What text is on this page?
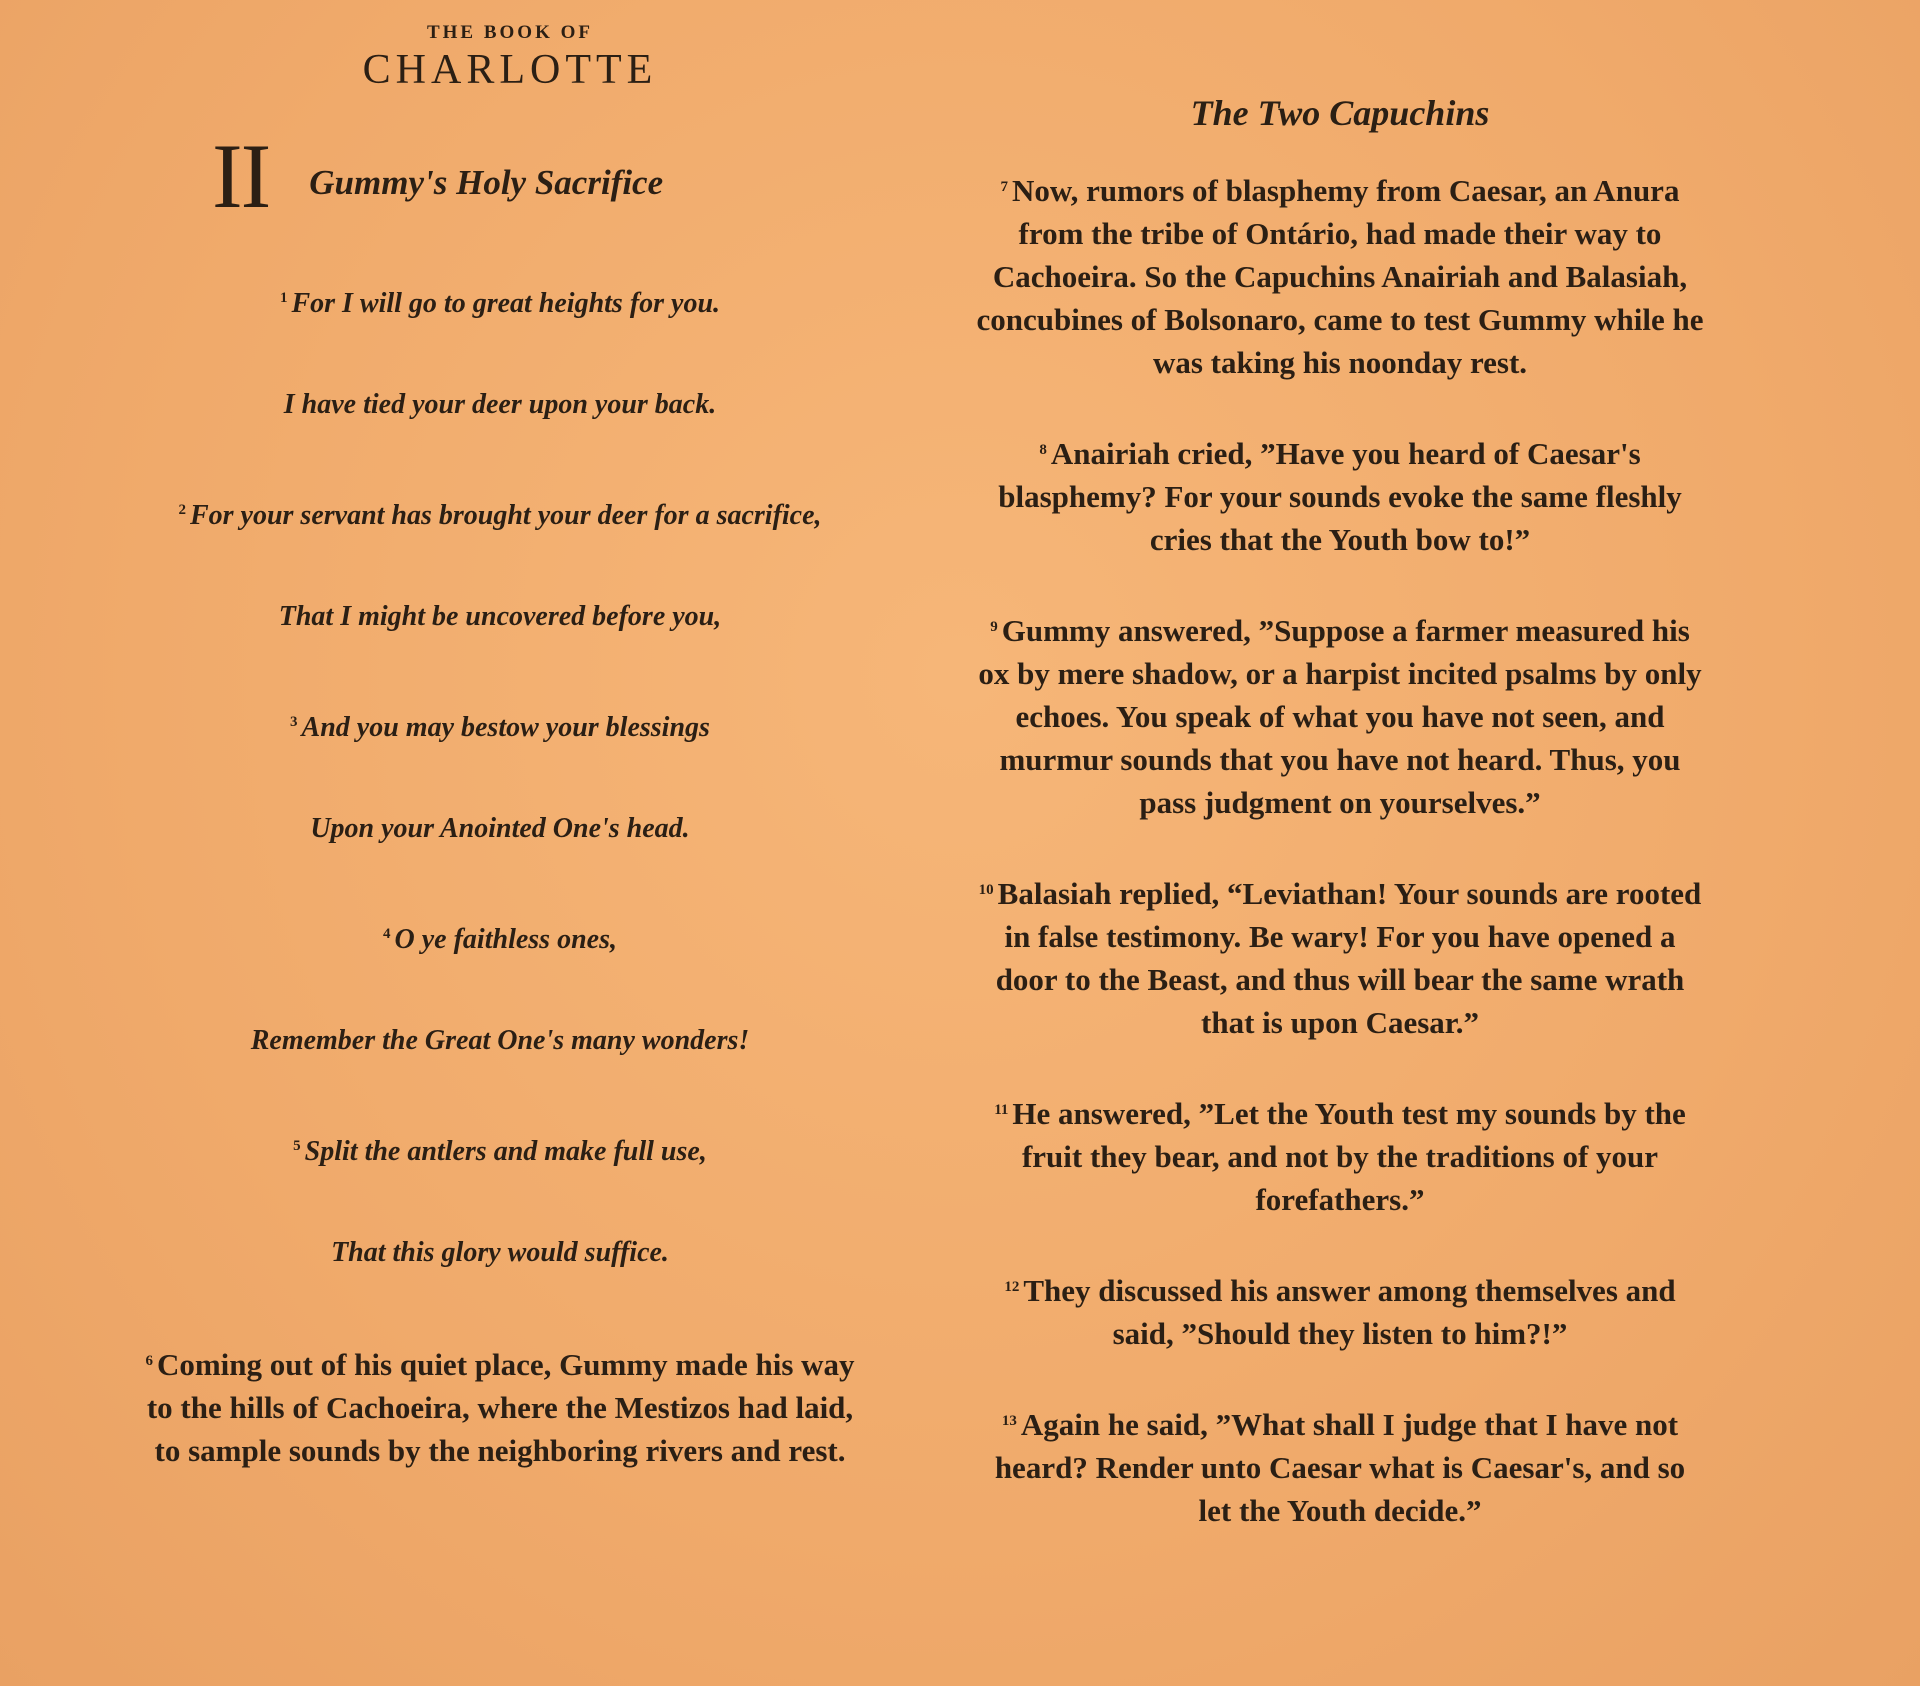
THE BOOK OF
CHARLOTTE
II Gummy's Holy Sacrifice
$^1$ For I will go to great heights for you.
I have tied your deer upon your back.
$^2$ For your servant has brought your deer for a sacrifice,
That I might be uncovered before you,
$^3$ And you may bestow your blessings
Upon your Anointed One's head.
$^4$ O ye faithless ones,
Remember the Great One's many wonders!
$^5$ Split the antlers and make full use,
That this glory would suffice.
$^6$ Coming out of his quiet place, Gummy made his way to the hills of Cachoeira, where the Mestizos had laid, to sample sounds by the neighboring rivers and rest.
The Two Capuchins
$^7$ Now, rumors of blasphemy from Caesar, an Anura from the tribe of Ontário, had made their way to Cachoeira. So the Capuchins Anairiah and Balasiah, concubines of Bolsonaro, came to test Gummy while he was taking his noonday rest.
$^8$ Anairiah cried, ”Have you heard of Caesar's blasphemy? For your sounds evoke the same fleshly cries that the Youth bow to!”
$^9$ Gummy answered, ”Suppose a farmer measured his ox by mere shadow, or a harpist incited psalms by only echoes. You speak of what you have not seen, and murmur sounds that you have not heard. Thus, you pass judgment on yourselves.”
$^{10}$ Balasiah replied, “Leviathan! Your sounds are rooted in false testimony. Be wary! For you have opened a door to the Beast, and thus will bear the same wrath that is upon Caesar.”
$^{11}$ He answered, ”Let the Youth test my sounds by the fruit they bear, and not by the traditions of your forefathers.”
$^{12}$ They discussed his answer among themselves and said, ”Should they listen to him?!”
$^{13}$ Again he said, ”What shall I judge that I have not heard? Render unto Caesar what is Caesar's, and so let the Youth decide.”
